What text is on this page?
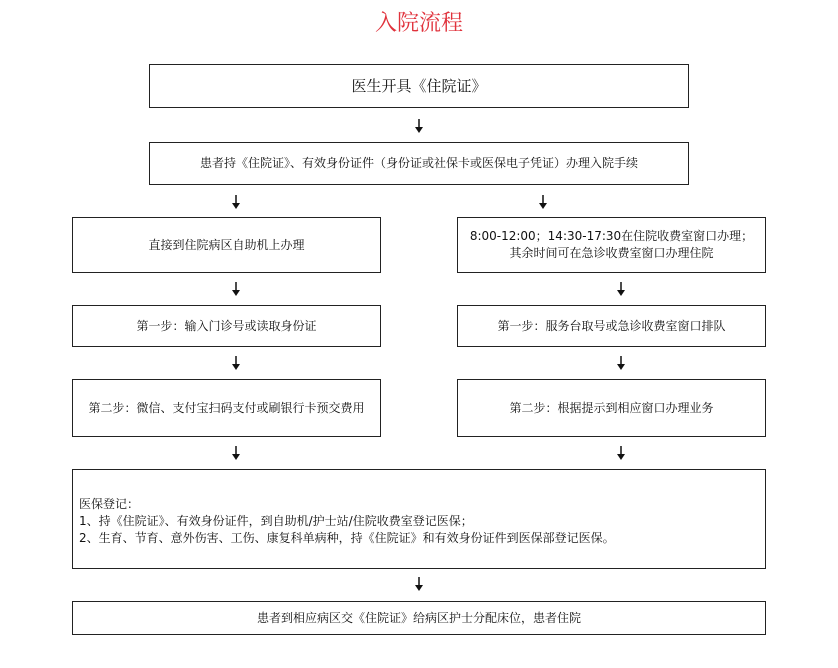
入院流程
医生开具《住院证》
患者持《住院证》、有效身份证件（身份证或社保卡或医保电子凭证）办理入院手续
直接到住院病区自助机上办理
8:00-12:00；14:30-17:30在住院收费室窗口办理；
其余时间可在急诊收费室窗口办理住院
第一步：输入门诊号或读取身份证	第一步：服务台取号或急诊收费室窗口排队
第二步：微信、支付宝扫码支付或刷银行卡预交费用	第二步：根据提示到相应窗口办理业务
医保登记：
1、持《住院证》、有效身份证件，到自助机/护士站/住院收费室登记医保；
2、生育、节育、意外伤害、工伤、康复科单病种，持《住院证》和有效身份证件到医保部登记医保。
患者到相应病区交《住院证》给病区护士分配床位，患者住院
